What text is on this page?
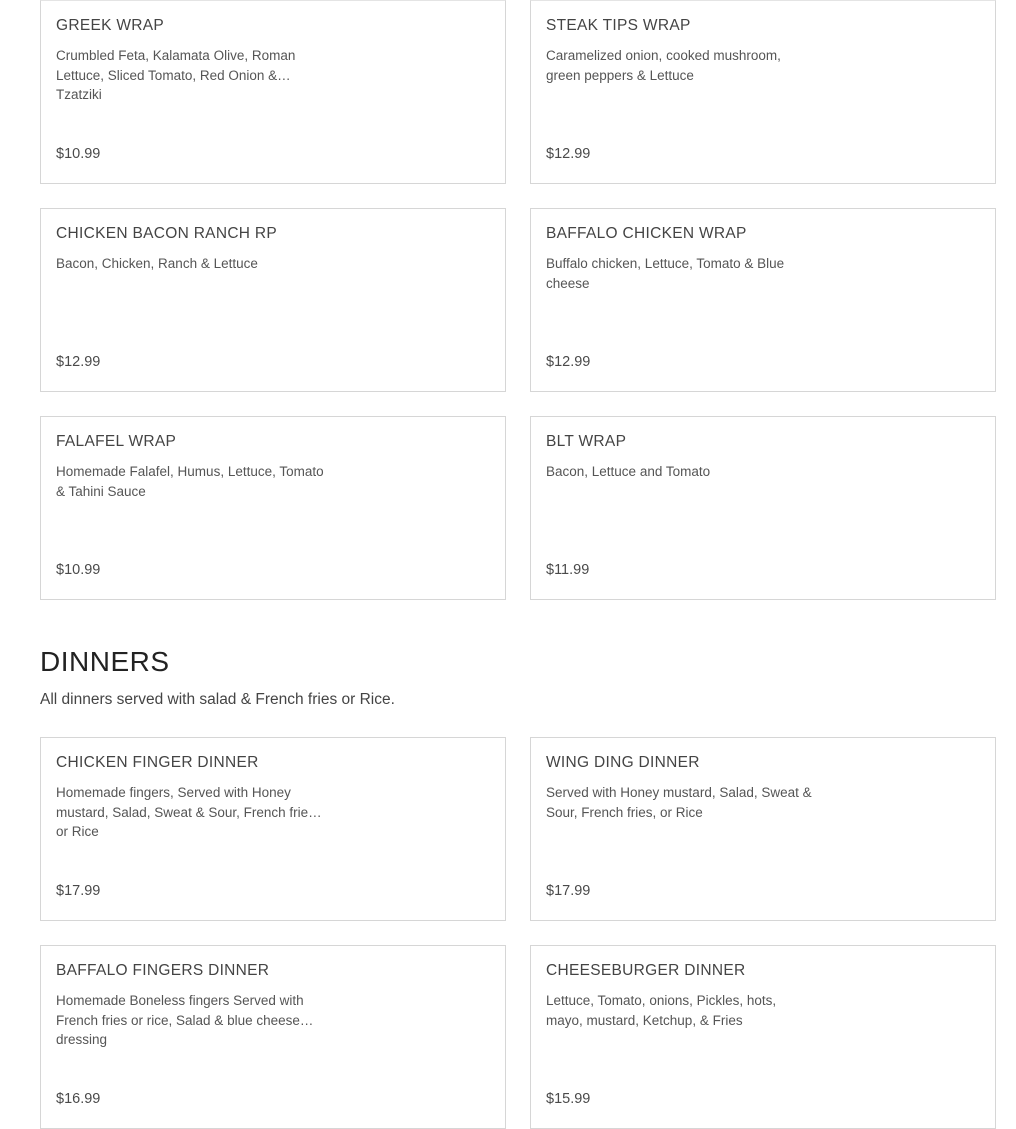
GREEK WRAP
Crumbled Feta, Kalamata Olive, Roman Lettuce, Sliced Tomato, Red Onion & Tzatziki
$10.99
STEAK TIPS WRAP
Caramelized onion, cooked mushroom, green peppers & Lettuce
$12.99
CHICKEN BACON RANCH RP
Bacon, Chicken, Ranch & Lettuce
$12.99
BAFFALO CHICKEN WRAP
Buffalo chicken, Lettuce, Tomato & Blue cheese
$12.99
FALAFEL WRAP
Homemade Falafel, Humus, Lettuce, Tomato & Tahini Sauce
$10.99
BLT WRAP
Bacon, Lettuce and Tomato
$11.99
DINNERS

All dinners served with salad & French fries or Rice.

CHICKEN FINGER DINNER
Homemade fingers, Served with Honey mustard, Salad, Sweat & Sour, French fries, or Rice
$17.99
WING DING DINNER
Served with Honey mustard, Salad, Sweat & Sour, French fries, or Rice
$17.99
BAFFALO FINGERS DINNER
Homemade Boneless fingers Served with French fries or rice, Salad & blue cheese dressing
$16.99
CHEESEBURGER DINNER
Lettuce, Tomato, onions, Pickles, hots, mayo, mustard, Ketchup, & Fries
$15.99
